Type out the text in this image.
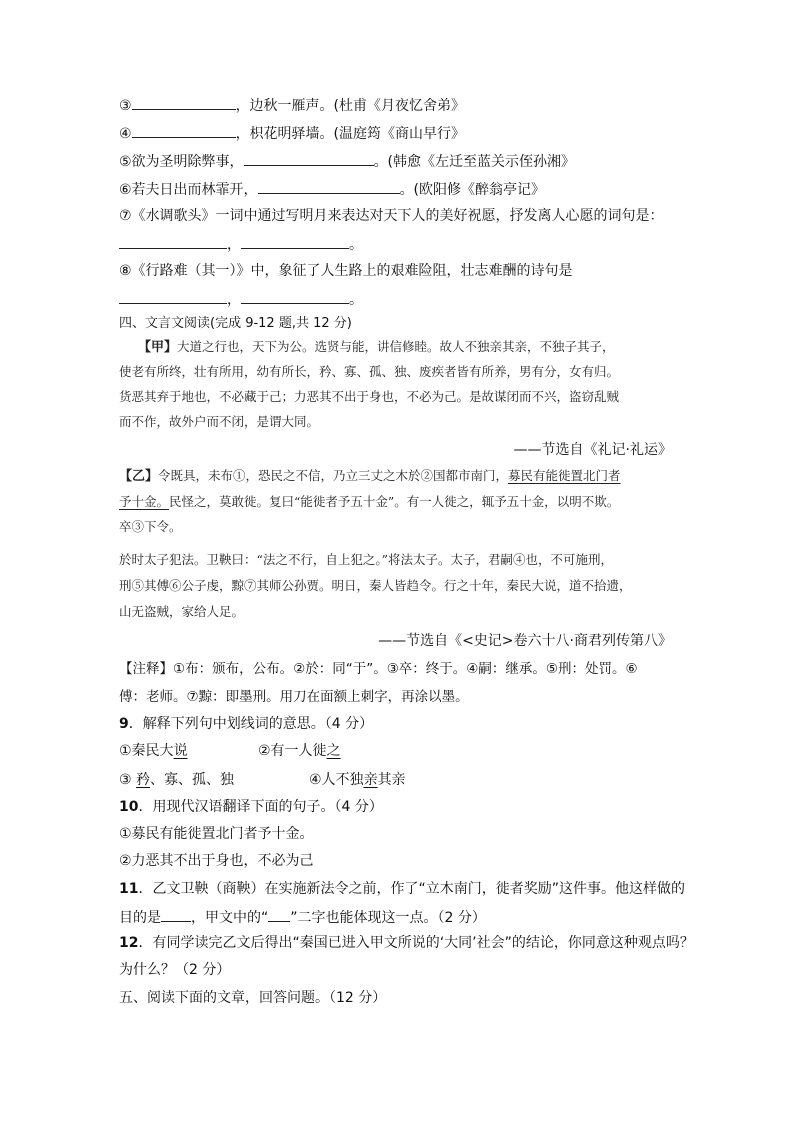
③	，边秋一雁声。(杜甫《月夜忆舍弟》
④	，枳花明驿墙。(温庭筠《商山早行》
⑤欲为圣明除弊事，	。(韩愈《左迁至蓝关示侄孙湘》
⑥若夫日出而林霏开，	。(欧阳修《醉翁亭记》
⑦《水调歌头》一词中通过写明月来表达对天下人的美好祝愿，抒发离人心愿的词句是：
，	。
⑧《行路难（其一）》中，象征了人生路上的艰难险阻，壮志难酬的诗句是
，	。
四、文言文阅读(完成 9-12 题,共 12 分)
【甲】大道之行也，天下为公。选贤与能，讲信修睦。故人不独亲其亲，不独子其子，
使老有所终，壮有所用，幼有所长，矜、寡、孤、独、废疾者皆有所养，男有分，女有归。
货恶其弃于地也，不必藏于己；力恶其不出于身也，不必为己。是故谋闭而不兴，盗窃乱贼
而不作，故外户而不闭，是谓大同。
——节选自《礼记·礼运》
【乙】令既具，未布①，恐民之不信，乃立三丈之木於②国都市南门，募民有能徙置北门者
予十金。民怪之，莫敢徙。复曰“能徙者予五十金”。有一人徙之，辄予五十金，以明不欺。
卒③下令。
於时太子犯法。卫鞅曰：“法之不行，自上犯之。”将法太子。太子，君嗣④也，不可施刑，
刑⑤其傅⑥公子虔，黥⑦其师公孙贾。明日，秦人皆趋令。行之十年，秦民大说，道不拾遗，
山无盗贼，家给人足。
——节选自《<史记>卷六十八·商君列传第八》
【注释】①布：颁布，公布。②於：同“于”。③卒：终于。④嗣：继承。⑤刑：处罚。⑥
傅：老师。⑦黥：即墨刑。用刀在面额上刺字，再涂以墨。
9．解释下列句中划线词的意思。（4 分）
①秦民大说	②有一人徙之
③ 矜、寡、孤、独	④人不独亲其亲
10．用现代汉语翻译下面的句子。（4 分）
①募民有能徙置北门者予十金。
②力恶其不出于身也，不必为己
11．乙文卫鞅（商鞅）在实施新法令之前，作了“立木南门，徙者奖励”这件事。他这样做的
目的是 ，甲文中的“ ”二字也能体现这一点。（2 分）
12．有同学读完乙文后得出“秦国已进入甲文所说的‘大同’社会”的结论，你同意这种观点吗？
为什么？（2 分）
五、阅读下面的文章，回答问题。（12 分）
